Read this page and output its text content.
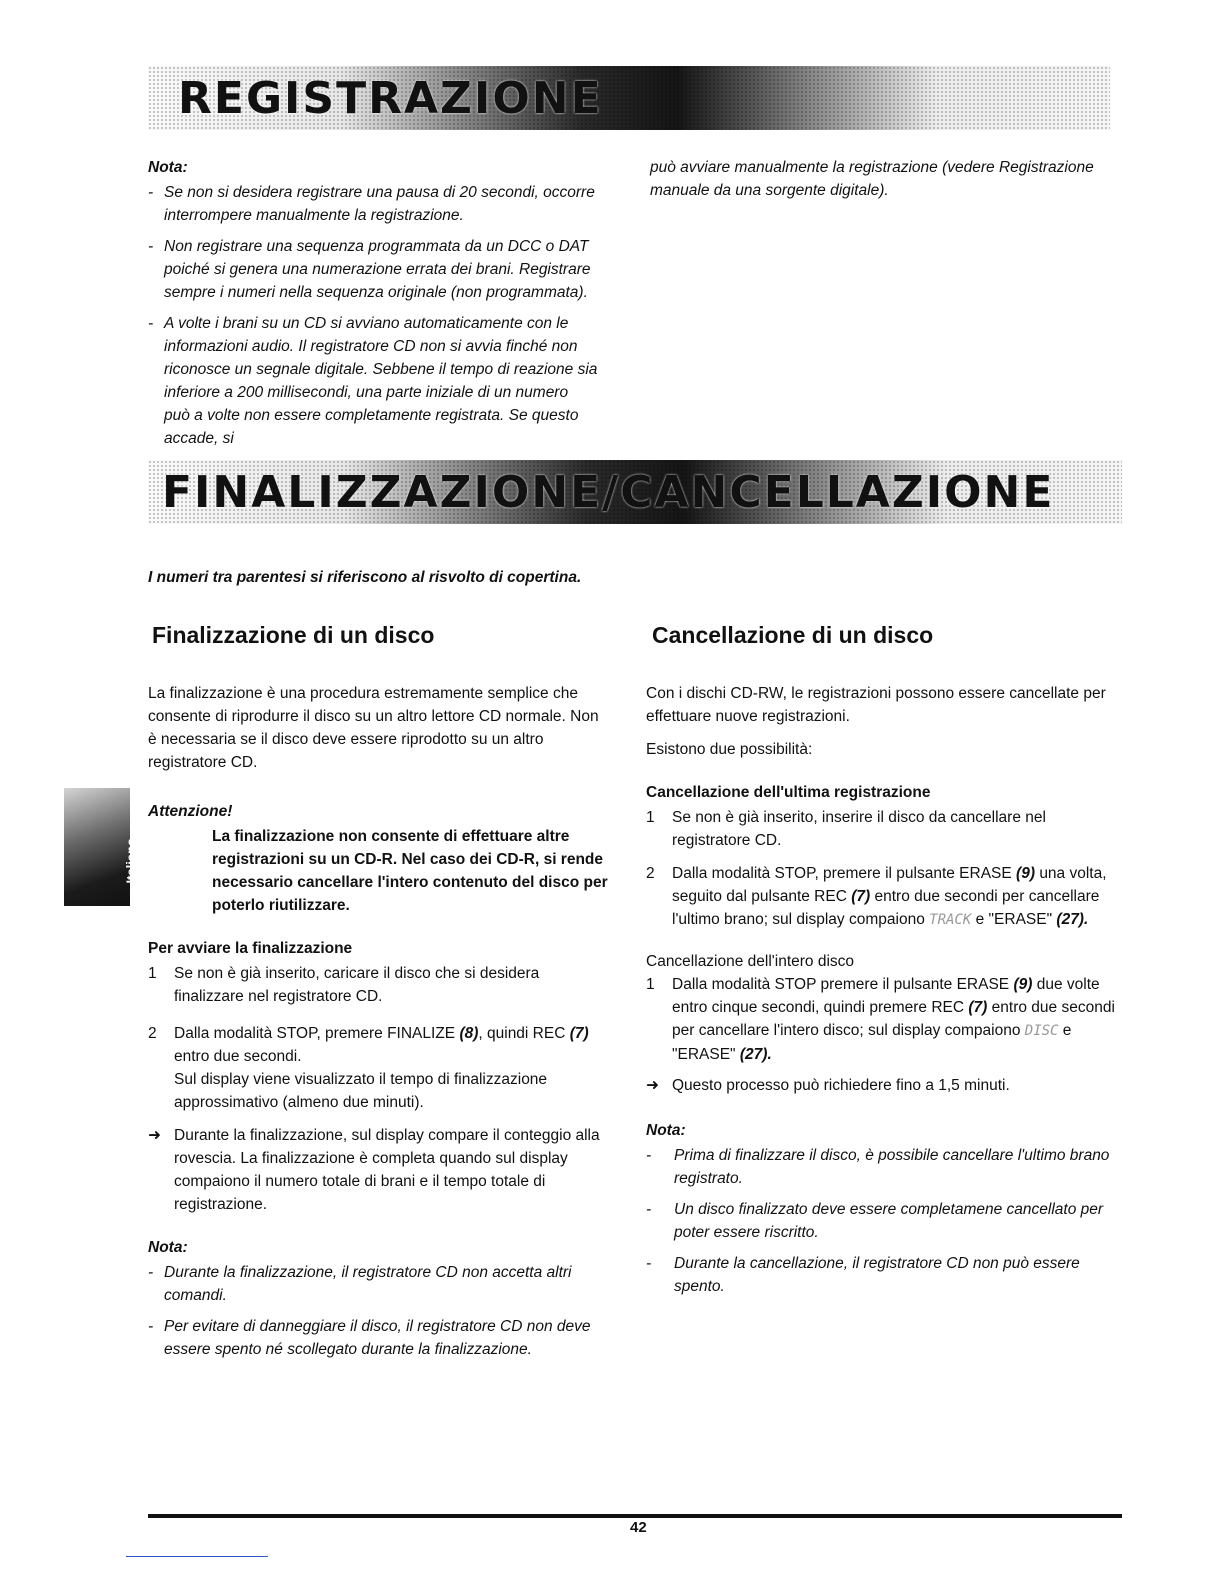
REGISTRAZIONE

Nota:

- Se non si desidera registrare una pausa di 20 secondi, occorre interrompere manualmente la registrazione.

- Non registrare una sequenza programmata da un DCC o DAT poiché si genera una numerazione errata dei brani. Registrare sempre i numeri nella sequenza originale (non programmata).

- A volte i brani su un CD si avviano automaticamente con le informazioni audio. Il registratore CD non si avvia finché non riconosce un segnale digitale. Sebbene il tempo di reazione sia inferiore a 200 millisecondi, una parte iniziale di un numero può a volte non essere completamente registrata. Se questo accade, si

può avviare manualmente la registrazione (vedere Registrazione manuale da una sorgente digitale).

FINALIZZAZIONE/CANCELLAZIONE
I numeri tra parentesi si riferiscono al risvolto di copertina.
Finalizzazione di un disco	Cancellazione di un disco

La finalizzazione è una procedura estremamente semplice che consente di riprodurre il disco su un altro lettore CD normale. Non è necessaria se il disco deve essere riprodotto su un altro registratore CD.

Attenzione!

La finalizzazione non consente di effettuare altre registrazioni su un CD-R. Nel caso dei CD-R, si rende necessario cancellare l'intero contenuto del disco per poterlo riutilizzare.

Per avviare la finalizzazione

1 Se non è già inserito, caricare il disco che si desidera finalizzare nel registratore CD.
2 Dalla modalità STOP, premere FINALIZE (8), quindi REC (7) entro due secondi.
Sul display viene visualizzato il tempo di finalizzazione approssimativo (almeno due minuti).
➜ Durante la finalizzazione, sul display compare il conteggio alla rovescia. La finalizzazione è completa quando sul display compaiono il numero totale di brani e il tempo totale di registrazione.

Nota:

- Durante la finalizzazione, il registratore CD non accetta altri comandi.

- Per evitare di danneggiare il disco, il registratore CD non deve essere spento né scollegato durante la finalizzazione.

Italiano

Con i dischi CD-RW, le registrazioni possono essere cancellate per effettuare nuove registrazioni.

Esistono due possibilità:

Cancellazione dell'ultima registrazione

1 Se non è già inserito, inserire il disco da cancellare nel registratore CD.
2 Dalla modalità STOP, premere il pulsante ERASE (9) una volta, seguito dal pulsante REC (7) entro due secondi per cancellare l'ultimo brano; sul display compaiono TRACK e "ERASE" (27).

Cancellazione dell'intero disco

1 Dalla modalità STOP premere il pulsante ERASE (9) due volte entro cinque secondi, quindi premere REC (7) entro due secondi per cancellare l'intero disco; sul display compaiono DISC e "ERASE" (27).
➜ Questo processo può richiedere fino a 1,5 minuti.

Nota:

- Prima di finalizzare il disco, è possibile cancellare l'ultimo brano registrato.

- Un disco finalizzato deve essere completamene cancellato per poter essere riscritto.

- Durante la cancellazione, il registratore CD non può essere spento.

42
